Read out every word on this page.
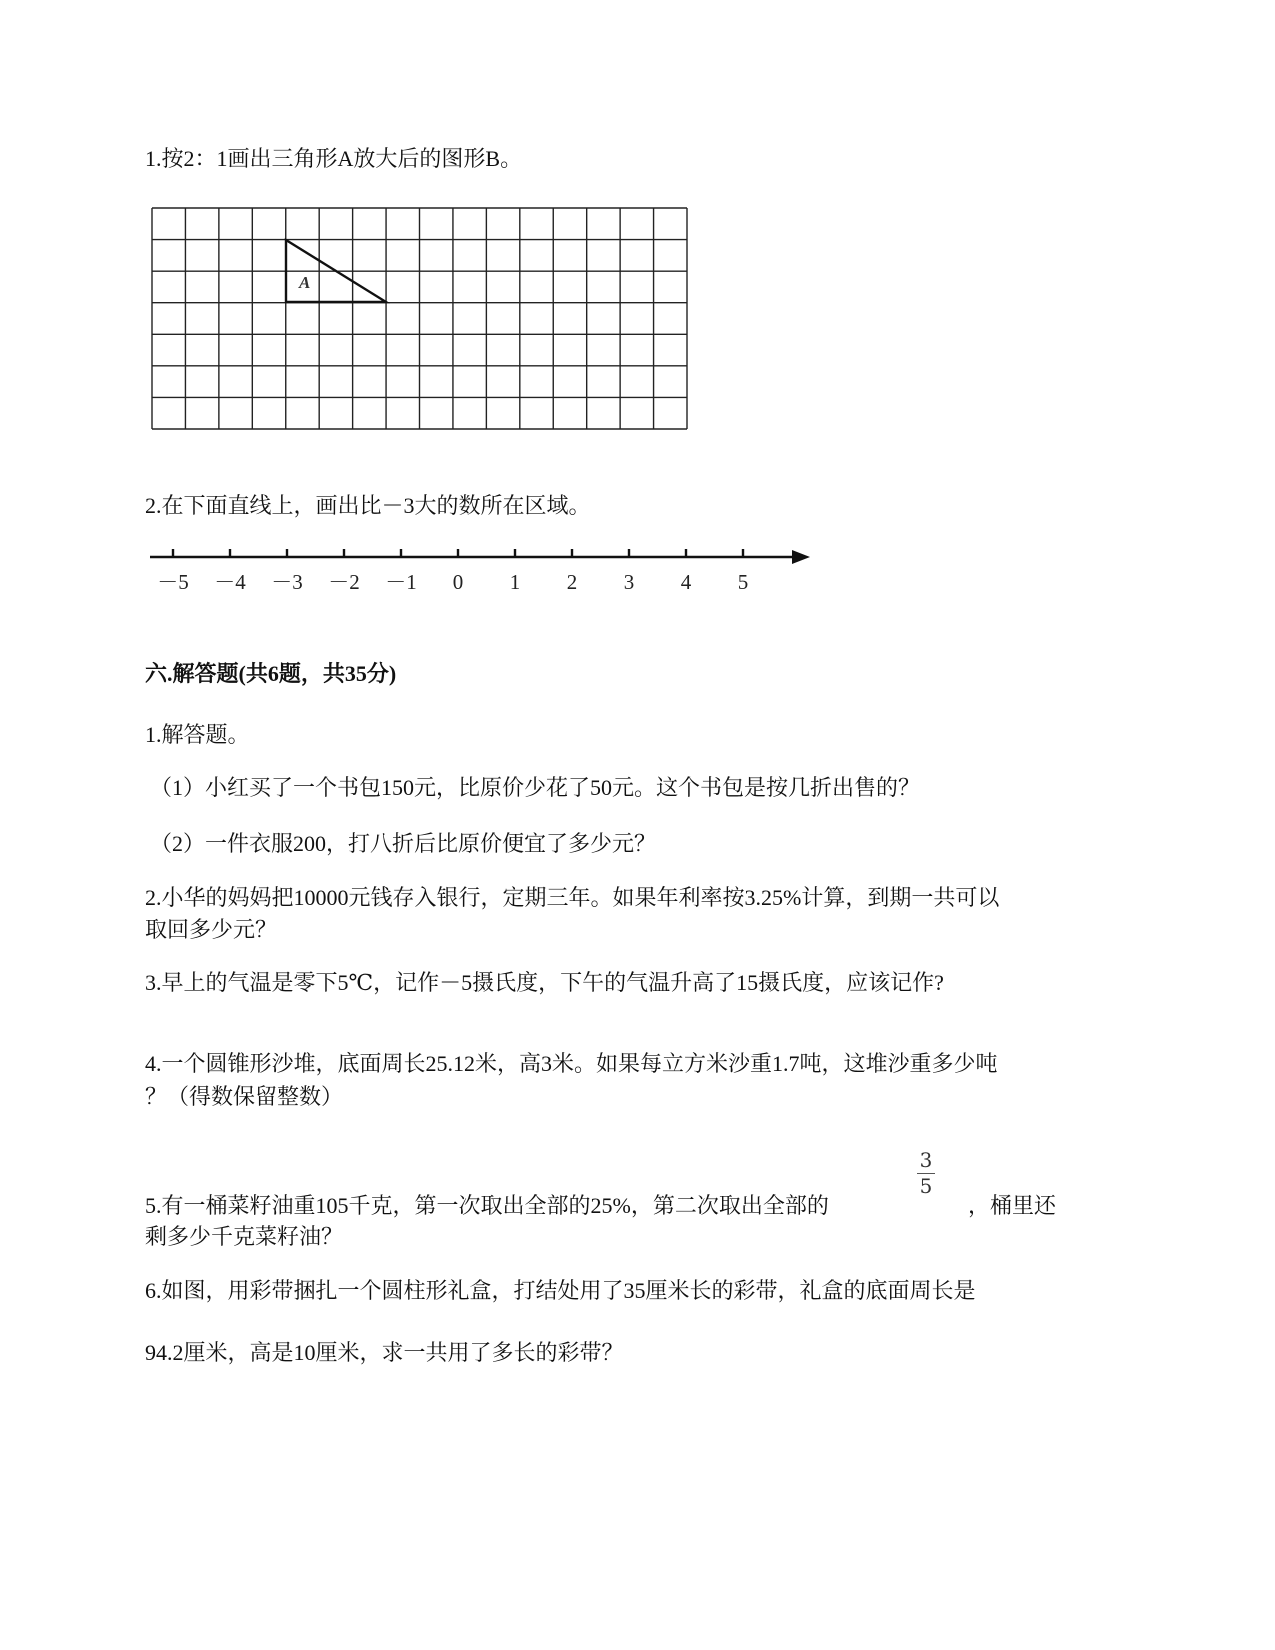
1.按2：1画出三角形A放大后的图形B。
A
2.在下面直线上，画出比－3大的数所在区域。
－5 －4 －3 －2 －1 0 1 2 3 4 5
六.解答题(共6题，共35分)
1.解答题。
（1）小红买了一个书包150元，比原价少花了50元。这个书包是按几折出售的？
（2）一件衣服200，打八折后比原价便宜了多少元？
2.小华的妈妈把10000元钱存入银行，定期三年。如果年利率按3.25%计算，到期一共可以
取回多少元？
3.早上的气温是零下5℃，记作－5摄氏度，下午的气温升高了15摄氏度，应该记作?
4.一个圆锥形沙堆，底面周长25.12米，高3米。如果每立方米沙重1.7吨，这堆沙重多少吨
？（得数保留整数）
3
5
5.有一桶菜籽油重105千克，第一次取出全部的25%，第二次取出全部的	，桶里还
剩多少千克菜籽油？
6.如图，用彩带捆扎一个圆柱形礼盒，打结处用了35厘米长的彩带，礼盒的底面周长是
94.2厘米，高是10厘米，求一共用了多长的彩带？
